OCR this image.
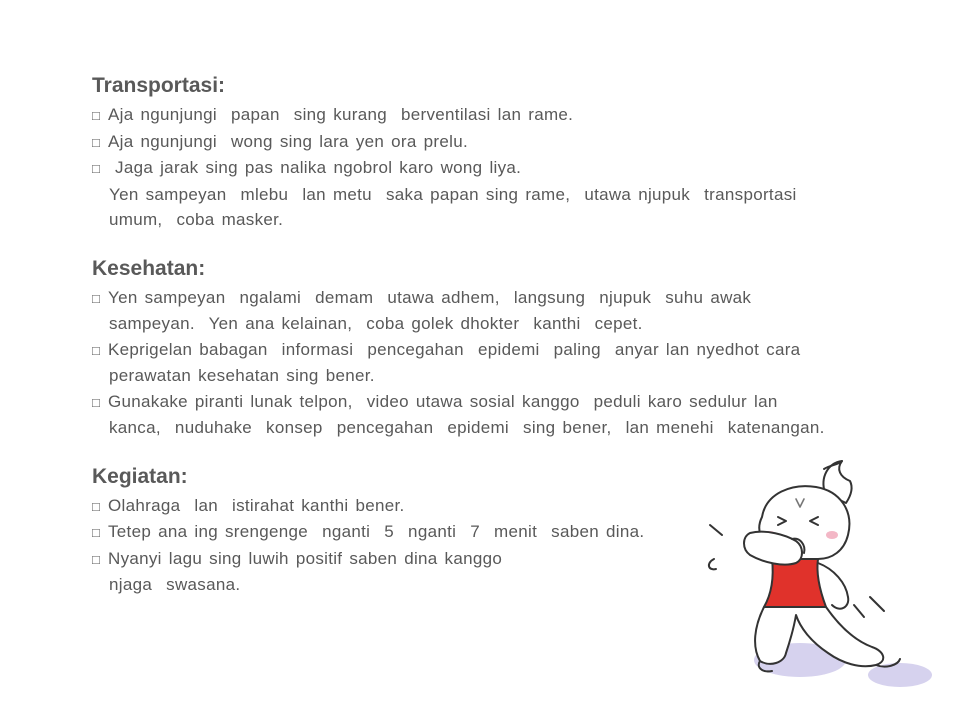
Transportasi:

□ Aja ngunjungi  papan  sing kurang  berventilasi lan rame.

□ Aja ngunjungi  wong sing lara yen ora prelu.

□ Jaga jarak sing pas nalika ngobrol karo wong liya.
Yen sampeyan  mlebu  lan metu  saka papan sing rame,  utawa njupuk  transportasi
umum,  coba masker.

Kesehatan:

□ Yen sampeyan  ngalami  demam  utawa adhem,  langsung  njupuk  suhu awak
sampeyan.  Yen ana kelainan,  coba golek dhokter  kanthi  cepet.

□ Keprigelan babagan  informasi  pencegahan  epidemi  paling  anyar lan nyedhot cara
perawatan kesehatan sing bener.

□ Gunakake piranti lunak telpon,  video utawa sosial kanggo  peduli karo sedulur lan
kanca,  nuduhake  konsep  pencegahan  epidemi  sing bener,  lan menehi  katenangan.

Kegiatan:

□ Olahraga  lan  istirahat kanthi bener.

□ Tetep ana ing srengenge  nganti  5  nganti  7  menit  saben dina.

□ Nyanyi lagu sing luwih positif saben dina kanggo
njaga  swasana.
